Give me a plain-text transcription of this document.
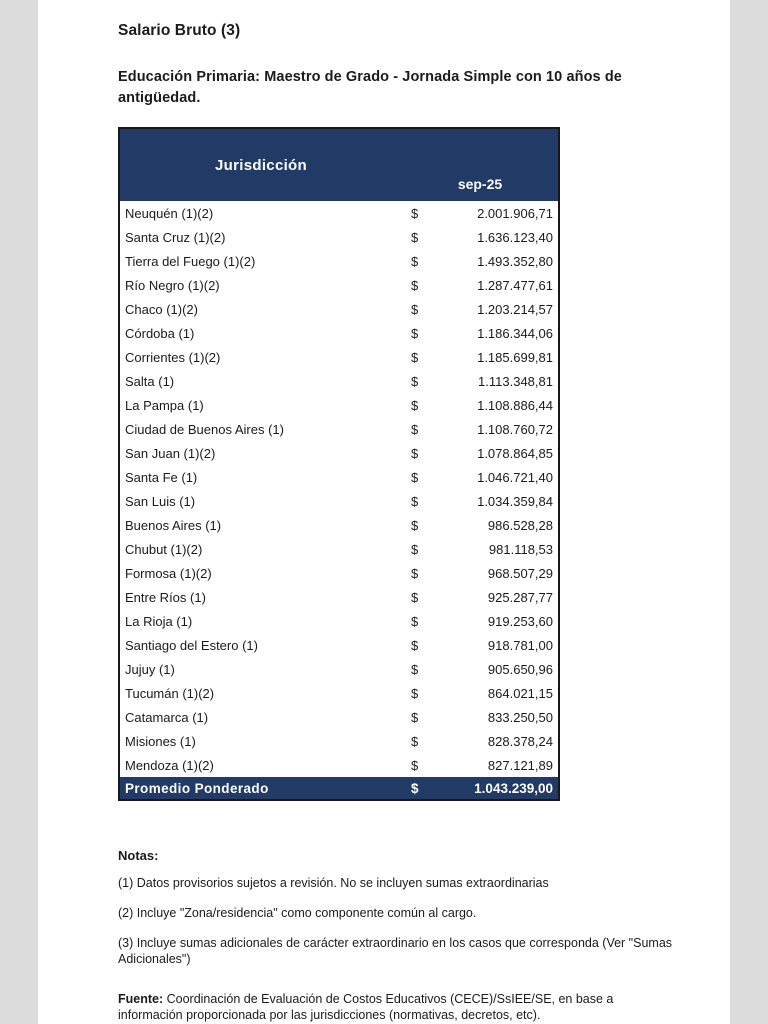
Salario Bruto (3)
Educación Primaria: Maestro de Grado - Jornada Simple con 10 años de antigüedad.
Jurisdicción	sep-25
Neuquén (1)(2)	$ 2.001.906,71

Santa Cruz (1)(2)	$ 1.636.123,40

Tierra del Fuego (1)(2)	$ 1.493.352,80

Río Negro (1)(2)	$ 1.287.477,61

Chaco (1)(2)	$ 1.203.214,57

Córdoba (1)	$ 1.186.344,06

Corrientes (1)(2)	$ 1.185.699,81

Salta (1)	$ 1.113.348,81

La Pampa (1)	$ 1.108.886,44

Ciudad de Buenos Aires (1)	$ 1.108.760,72

San Juan (1)(2)	$ 1.078.864,85

Santa Fe (1)	$ 1.046.721,40

San Luis (1)	$ 1.034.359,84

Buenos Aires (1)	$ 986.528,28

Chubut (1)(2)	$ 981.118,53

Formosa (1)(2)	$ 968.507,29

Entre Ríos (1)	$ 925.287,77

La Rioja (1)	$ 919.253,60

Santiago del Estero (1)	$ 918.781,00

Jujuy (1)	$ 905.650,96

Tucumán (1)(2)	$ 864.021,15

Catamarca (1)	$ 833.250,50

Misiones (1)	$ 828.378,24

Mendoza (1)(2)	$ 827.121,89

Promedio Ponderado	$ 1.043.239,00

Notas:

(1) Datos provisorios sujetos a revisión. No se incluyen sumas extraordinarias

(2) Incluye "Zona/residencia" como componente común al cargo.

(3) Incluye sumas adicionales de carácter extraordinario en los casos que corresponda (Ver "Sumas Adicionales")

Fuente: Coordinación de Evaluación de Costos Educativos (CECE)/SsIEE/SE, en base a información proporcionada por las jurisdicciones (normativas, decretos, etc).
